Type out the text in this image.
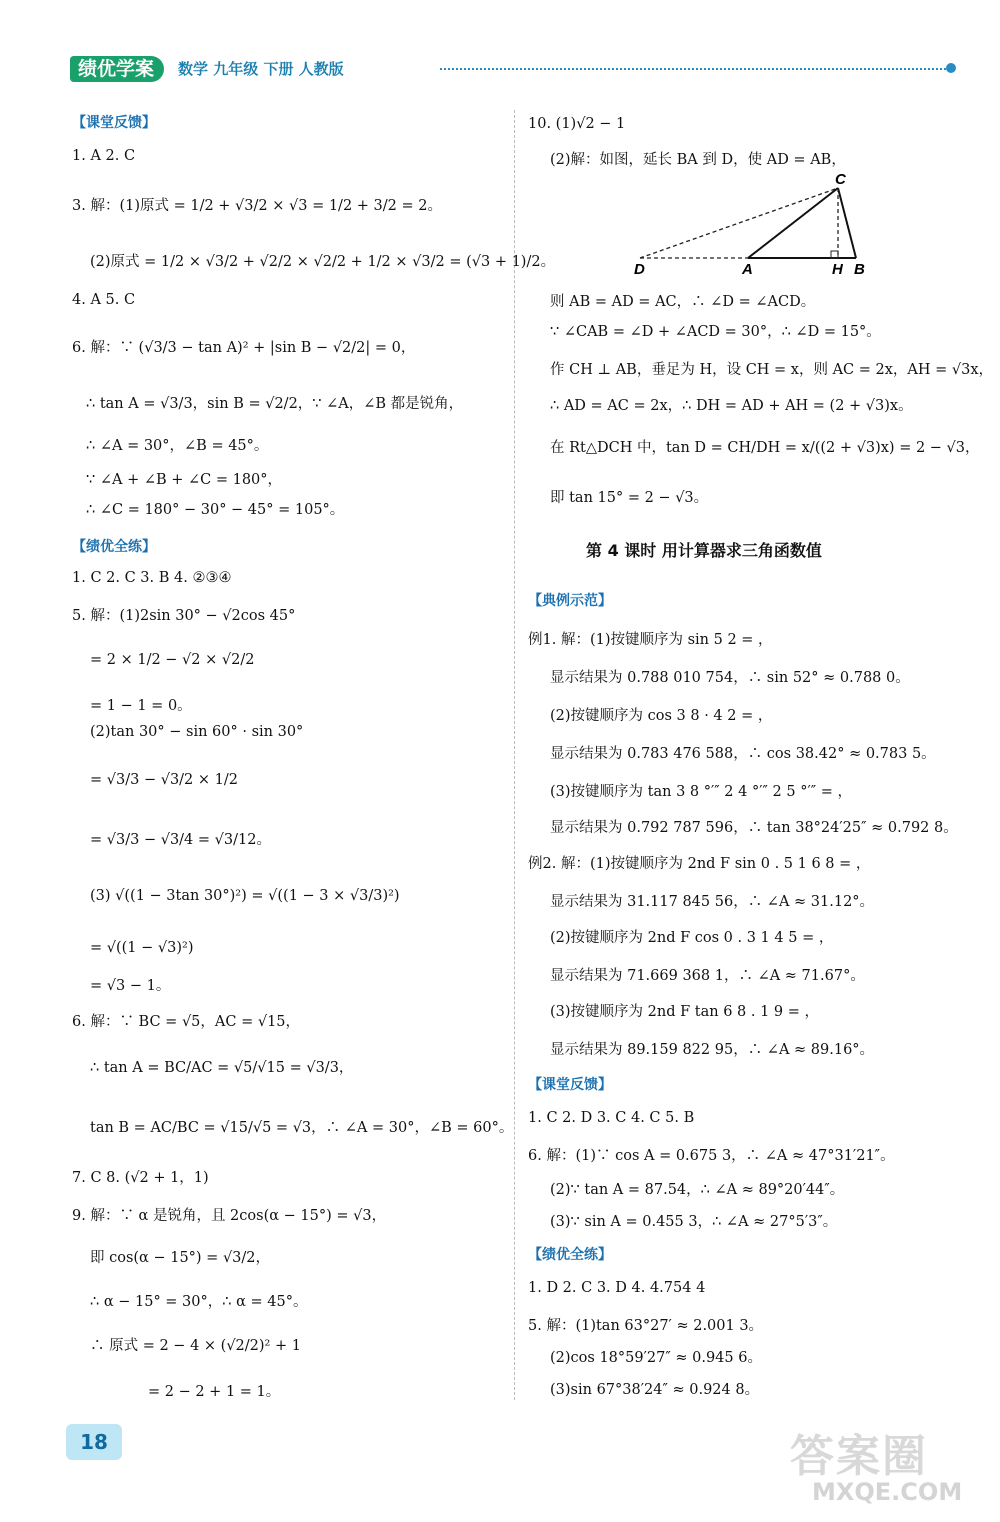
绩优学案	数学 九年级 下册 人教版
【课堂反馈】
1. A 2. C
3. 解：(1)原式 = 1/2 + √3/2 × √3 = 1/2 + 3/2 = 2。
(2)原式 = 1/2 × √3/2 + √2/2 × √2/2 + 1/2 × √3/2 = (√3 + 1)/2。
4. A 5. C
6. 解：∵ (√3/3 − tan A)² + |sin B − √2/2| = 0，
∴ tan A = √3/3，sin B = √2/2，∵ ∠A，∠B 都是锐角，
∴ ∠A = 30°，∠B = 45°。
∵ ∠A + ∠B + ∠C = 180°，
∴ ∠C = 180° − 30° − 45° = 105°。
【绩优全练】
1. C 2. C 3. B 4. ②③④
5. 解：(1)2sin 30° − √2cos 45°
= 2 × 1/2 − √2 × √2/2
= 1 − 1 = 0。
(2)tan 30° − sin 60° · sin 30°
= √3/3 − √3/2 × 1/2
= √3/3 − √3/4 = √3/12。
(3) √((1 − 3tan 30°)²) = √((1 − 3 × √3/3)²)
= √((1 − √3)²)
= √3 − 1。
6. 解：∵ BC = √5，AC = √15，
∴ tan A = BC/AC = √5/√15 = √3/3，
tan B = AC/BC = √15/√5 = √3，∴ ∠A = 30°，∠B = 60°。
7. C 8. (√2 + 1，1)
9. 解：∵ α 是锐角，且 2cos(α − 15°) = √3，
即 cos(α − 15°) = √3/2，
∴ α − 15° = 30°，∴ α = 45°。
∴ 原式 = 2 − 4 × (√2/2)² + 1
= 2 − 2 + 1 = 1。
C
D	A	H B
10. (1)√2 − 1
(2)解：如图，延长 BA 到 D，使 AD = AB，
则 AB = AD = AC，∴ ∠D = ∠ACD。
∵ ∠CAB = ∠D + ∠ACD = 30°，∴ ∠D = 15°。
作 CH ⊥ AB，垂足为 H，设 CH = x，则 AC = 2x，AH = √3x，
∴ AD = AC = 2x，∴ DH = AD + AH = (2 + √3)x。
在 Rt△DCH 中，tan D = CH/DH = x/((2 + √3)x) = 2 − √3，
即 tan 15° = 2 − √3。
第 4 课时 用计算器求三角函数值
【典例示范】
例1. 解：(1)按键顺序为 sin 5 2 = ，
显示结果为 0.788 010 754，∴ sin 52° ≈ 0.788 0。
(2)按键顺序为 cos 3 8 · 4 2 = ，
显示结果为 0.783 476 588，∴ cos 38.42° ≈ 0.783 5。
(3)按键顺序为 tan 3 8 °′″ 2 4 °′″ 2 5 °′″ = ，
显示结果为 0.792 787 596，∴ tan 38°24′25″ ≈ 0.792 8。
例2. 解：(1)按键顺序为 2nd F sin 0 . 5 1 6 8 = ，
显示结果为 31.117 845 56，∴ ∠A ≈ 31.12°。
(2)按键顺序为 2nd F cos 0 . 3 1 4 5 = ，
显示结果为 71.669 368 1，∴ ∠A ≈ 71.67°。
(3)按键顺序为 2nd F tan 6 8 . 1 9 = ，
显示结果为 89.159 822 95，∴ ∠A ≈ 89.16°。
【课堂反馈】
1. C 2. D 3. C 4. C 5. B
6. 解：(1)∵ cos A = 0.675 3，∴ ∠A ≈ 47°31′21″。
(2)∵ tan A = 87.54，∴ ∠A ≈ 89°20′44″。
(3)∵ sin A = 0.455 3，∴ ∠A ≈ 27°5′3″。
【绩优全练】
1. D 2. C 3. D 4. 4.754 4
5. 解：(1)tan 63°27′ ≈ 2.001 3。
(2)cos 18°59′27″ ≈ 0.945 6。
(3)sin 67°38′24″ ≈ 0.924 8。
18	答案圈
MXQE.COM
